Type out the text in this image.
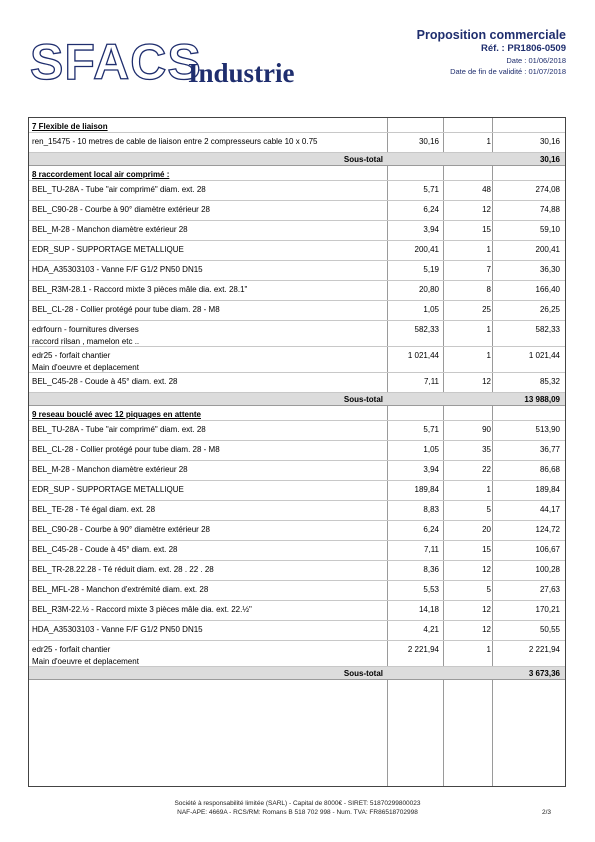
SFACS
Industrie
Proposition commerciale
Réf. : PR1806-0509
Date : 01/06/2018
Date de fin de validité : 01/07/2018
7 Flexible de liaison
ren_15475 - 10 metres de cable de liaison entre 2 compresseurs cable 10 x 0.75	30,16	1	30,16
Sous-total	30,16
8 raccordement local air comprimé :
BEL_TU-28A - Tube "air comprimé" diam. ext. 28	5,71	48	274,08
BEL_C90-28 - Courbe à 90° diamètre extérieur 28	6,24	12	74,88
BEL_M-28 - Manchon diamètre extérieur 28	3,94	15	59,10
EDR_SUP - SUPPORTAGE METALLIQUE	200,41	1	200,41
HDA_A35303103 - Vanne F/F G1/2 PN50 DN15	5,19	7	36,30
BEL_R3M-28.1 - Raccord mixte 3 pièces mâle dia. ext. 28.1"	20,80	8	166,40
BEL_CL-28 - Collier protégé pour tube diam. 28 - M8	1,05	25	26,25
edrfourn - fournitures diverses
raccord rilsan , mamelon etc ..
582,33	1	582,33
edr25 - forfait chantier
Main d'oeuvre et deplacement
1 021,44	1	1 021,44
BEL_C45-28 - Coude à 45° diam. ext. 28	7,11	12	85,32
Sous-total	13 988,09
9 reseau bouclé avec 12 piquages en attente
BEL_TU-28A - Tube "air comprimé" diam. ext. 28	5,71	90	513,90
BEL_CL-28 - Collier protégé pour tube diam. 28 - M8	1,05	35	36,77
BEL_M-28 - Manchon diamètre extérieur 28	3,94	22	86,68
EDR_SUP - SUPPORTAGE METALLIQUE	189,84	1	189,84
BEL_TE-28 - Té égal diam. ext. 28	8,83	5	44,17
BEL_C90-28 - Courbe à 90° diamètre extérieur 28	6,24	20	124,72
BEL_C45-28 - Coude à 45° diam. ext. 28	7,11	15	106,67
BEL_TR-28.22.28 - Té réduit diam. ext. 28 . 22 . 28	8,36	12	100,28
BEL_MFL-28 - Manchon d'extrémité diam. ext. 28	5,53	5	27,63
BEL_R3M-22.½ - Raccord mixte 3 pièces mâle dia. ext. 22.½"	14,18	12	170,21
HDA_A35303103 - Vanne F/F G1/2 PN50 DN15	4,21	12	50,55
edr25 - forfait chantier
Main d'oeuvre et deplacement
2 221,94	1	2 221,94
Sous-total	3 673,36
Société à responsabilité limitée (SARL) - Capital de 8000€ - SIRET: 51870299800023
NAF-APE: 4669A - RCS/RM: Romans B 518 702 998 - Num. TVA: FR86518702998	2/3
